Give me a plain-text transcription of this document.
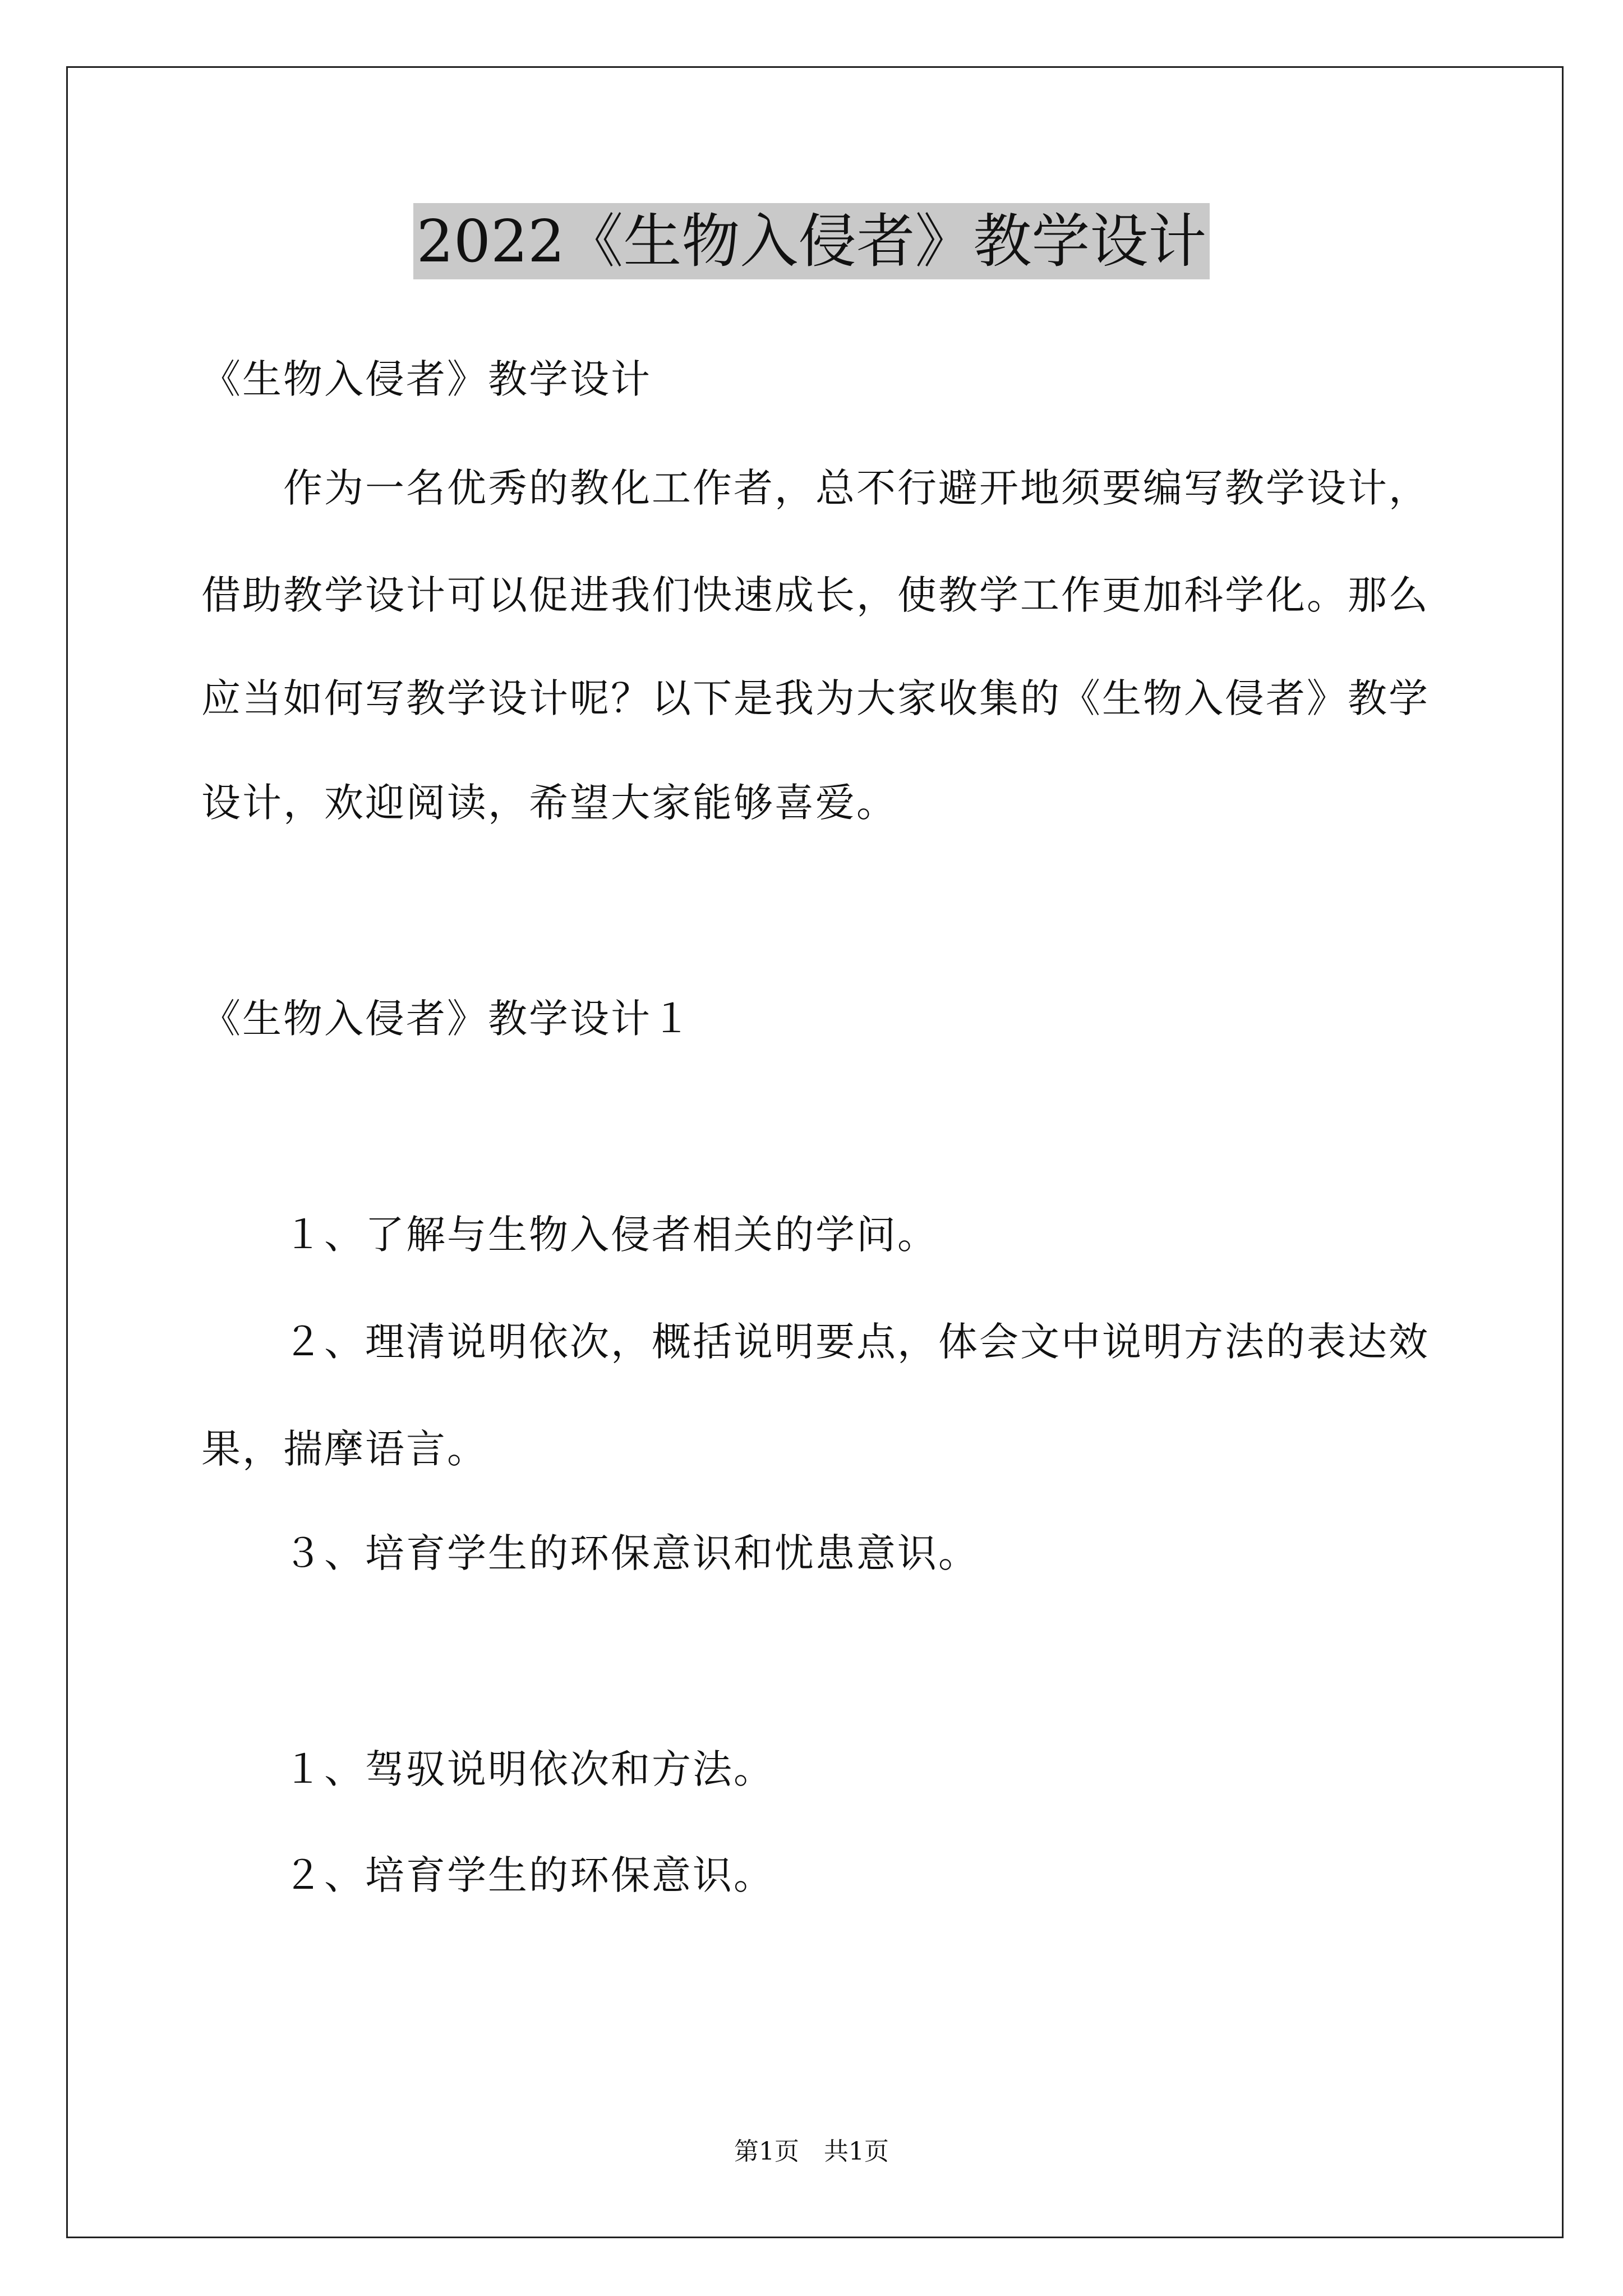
2022《生物入侵者》教学设计
《生物入侵者》教学设计
作为一名优秀的教化工作者，总不行避开地须要编写教学设计，
借助教学设计可以促进我们快速成长，使教学工作更加科学化。那么
应当如何写教学设计呢？以下是我为大家收集的《生物入侵者》教学
设计，欢迎阅读，希望大家能够喜爱。
《生物入侵者》教学设计１
１、了解与生物入侵者相关的学问。
２、理清说明依次，概括说明要点，体会文中说明方法的表达效
果，揣摩语言。
３、培育学生的环保意识和忧患意识。
１、驾驭说明依次和方法。
２、培育学生的环保意识。
第1页　共1页
